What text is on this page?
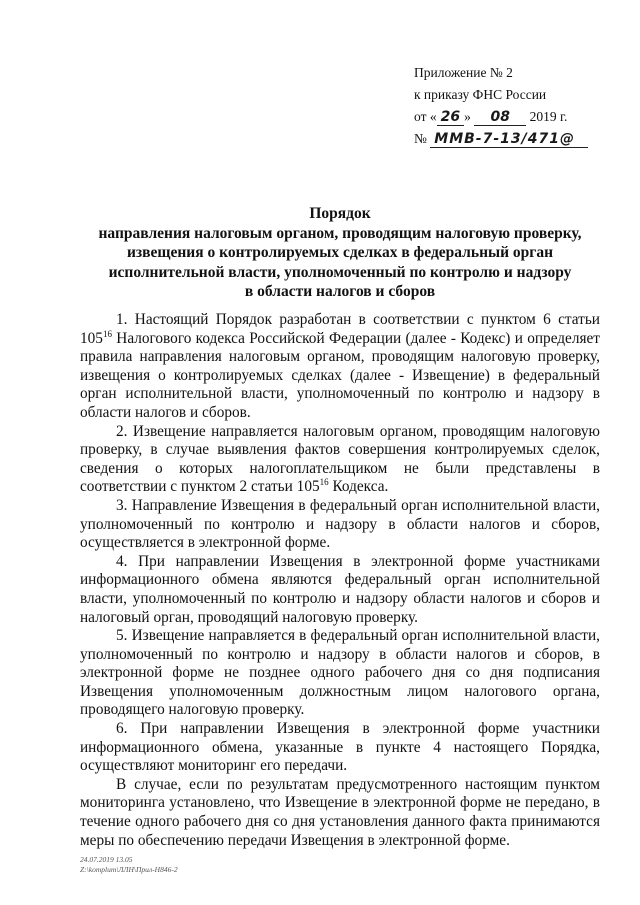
Приложение № 2
к приказу ФНС России
от « 26 » 08 2019 г.
№ ММВ-7-13/471@
Порядок
направления налоговым органом, проводящим налоговую проверку,
извещения о контролируемых сделках в федеральный орган
исполнительной власти, уполномоченный по контролю и надзору
в области налогов и сборов

1. Настоящий Порядок разработан в соответствии с пунктом 6 статьи $105^{16}$ Налогового кодекса Российской Федерации (далее - Кодекс) и определяет правила направления налоговым органом, проводящим налоговую проверку, извещения о контролируемых сделках (далее - Извещение) в федеральный орган исполнительной власти, уполномоченный по контролю и надзору в области налогов и сборов.

2. Извещение направляется налоговым органом, проводящим налоговую проверку, в случае выявления фактов совершения контролируемых сделок, сведения о которых налогоплательщиком не были представлены в соответствии с пунктом 2 статьи $105^{16}$ Кодекса.

3. Направление Извещения в федеральный орган исполнительной власти, уполномоченный по контролю и надзору в области налогов и сборов, осуществляется в электронной форме.

4. При направлении Извещения в электронной форме участниками информационного обмена являются федеральный орган исполнительной власти, уполномоченный по контролю и надзору области налогов и сборов и налоговый орган, проводящий налоговую проверку.

5. Извещение направляется в федеральный орган исполнительной власти, уполномоченный по контролю и надзору в области налогов и сборов, в электронной форме не позднее одного рабочего дня со дня подписания Извещения уполномоченным должностным лицом налогового органа, проводящего налоговую проверку.

6. При направлении Извещения в электронной форме участники информационного обмена, указанные в пункте 4 настоящего Порядка, осуществляют мониторинг его передачи.

В случае, если по результатам предусмотренного настоящим пунктом мониторинга установлено, что Извещение в электронной форме не передано, в течение одного рабочего дня со дня установления данного факта принимаются меры по обеспечению передачи Извещения в электронной форме.

24.07.2019 13.05
Z:\komplum\ЛЛН\Прил-Н846-2
